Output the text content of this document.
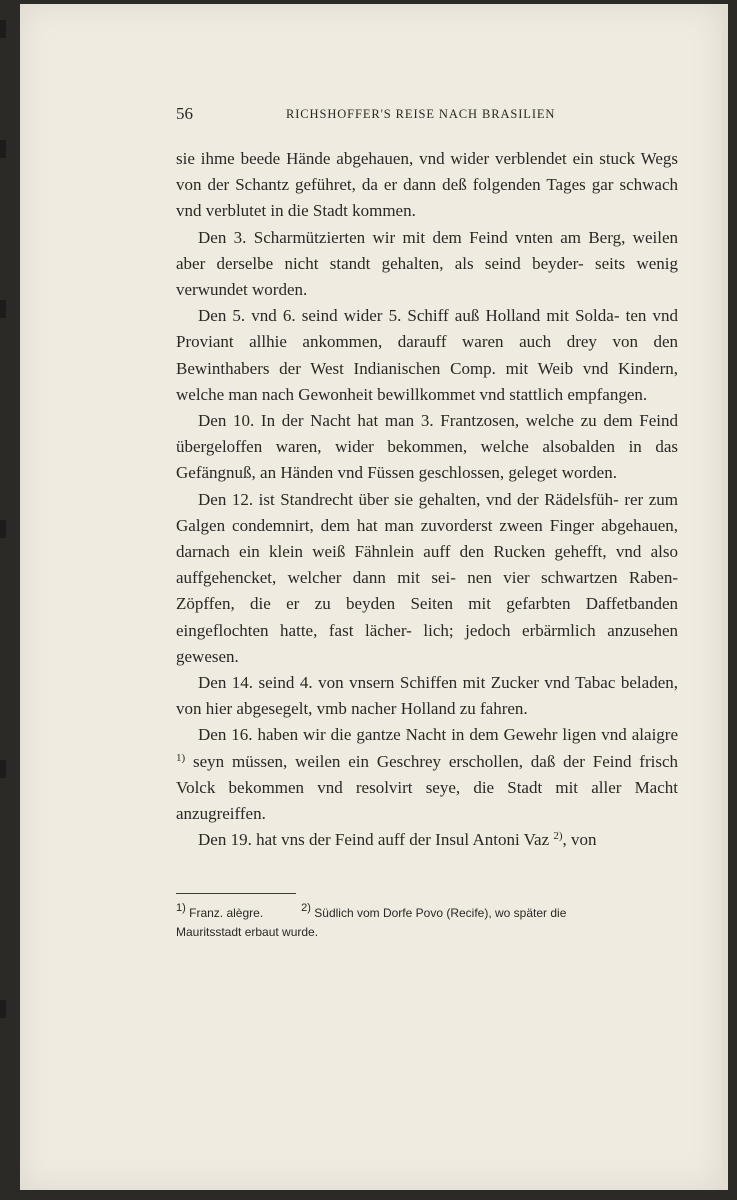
56	RICHSHOFFER'S REISE NACH BRASILIEN

sie ihme beede Hände abgehauen, vnd wider verblendet ein stuck Wegs von der Schantz geführet, da er dann deß folgenden Tages gar schwach vnd verblutet in die Stadt kommen.

Den 3. Scharmützierten wir mit dem Feind vnten am Berg, weilen aber derselbe nicht standt gehalten, als seind beyder- seits wenig verwundet worden.

Den 5. vnd 6. seind wider 5. Schiff auß Holland mit Solda- ten vnd Proviant allhie ankommen, darauff waren auch drey von den Bewinthabers der West Indianischen Comp. mit Weib vnd Kindern, welche man nach Gewonheit bewillkommet vnd stattlich empfangen.

Den 10. In der Nacht hat man 3. Frantzosen, welche zu dem Feind übergeloffen waren, wider bekommen, welche alsobalden in das Gefängnuß, an Händen vnd Füssen geschlossen, geleget worden.

Den 12. ist Standrecht über sie gehalten, vnd der Rädelsfüh- rer zum Galgen condemnirt, dem hat man zuvorderst zween Finger abgehauen, darnach ein klein weiß Fähnlein auff den Rucken gehefft, vnd also auffgehencket, welcher dann mit sei- nen vier schwartzen Raben-Zöpffen, die er zu beyden Seiten mit gefarbten Daffetbanden eingeflochten hatte, fast lächer- lich; jedoch erbärmlich anzusehen gewesen.

Den 14. seind 4. von vnsern Schiffen mit Zucker vnd Tabac beladen, von hier abgesegelt, vmb nacher Holland zu fahren.

Den 16. haben wir die gantze Nacht in dem Gewehr ligen vnd alaigre $^{1)}$ seyn müssen, weilen ein Geschrey erschollen, daß der Feind frisch Volck bekommen vnd resolvirt seye, die Stadt mit aller Macht anzugreiffen.

Den 19. hat vns der Feind auff der Insul Antoni Vaz $^{2)}$, von

$^{1)}$ Franz. alègre.	$^{2)}$ Südlich vom Dorfe Povo (Recife), wo später die
Mauritsstadt erbaut wurde.
